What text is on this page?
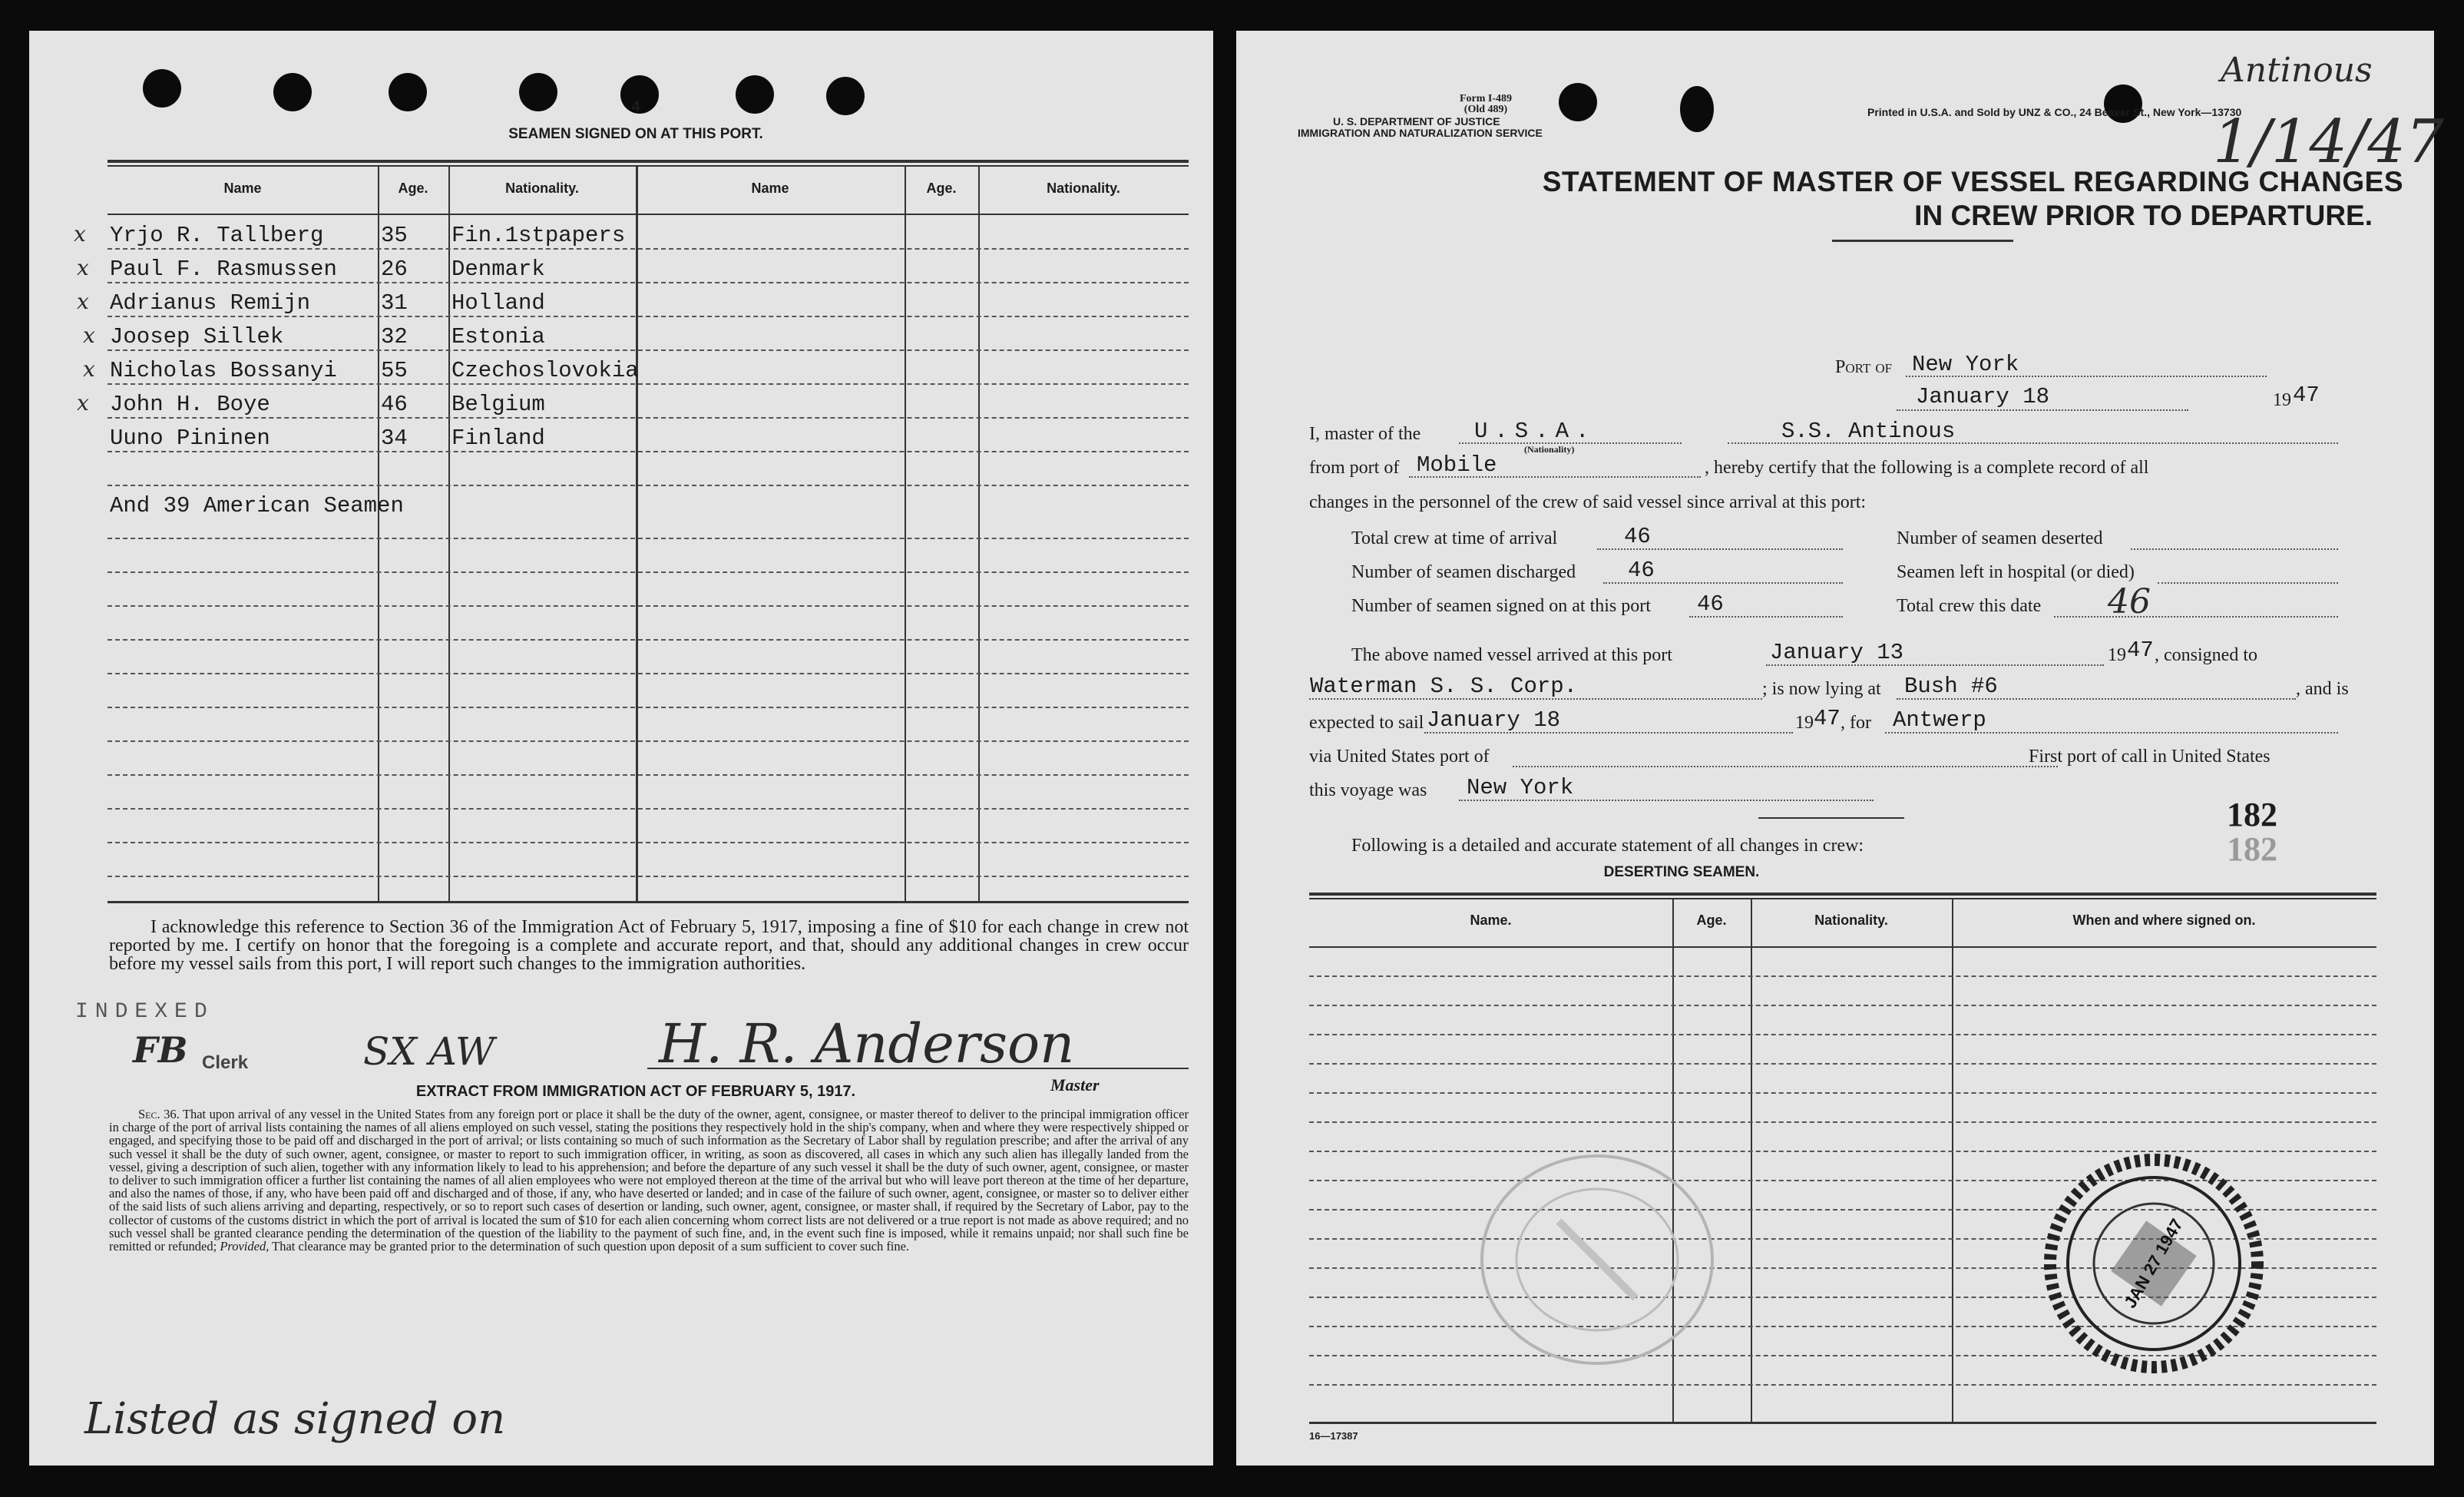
4
SEAMEN SIGNED ON AT THIS PORT.
Name	Age.	Nationality.	Name	Age.	Nationality.
x Yrjo R. Tallberg	35 Fin.1stpapers
x Paul F. Rasmussen 26 Denmark
x Adrianus Remijn	31 Holland
x Joosep Sillek	32 Estonia
x Nicholas Bossanyi 55 Czechoslovokia
x John H. Boye	46 Belgium
Uuno Pininen	34 Finland
And 39 American Seamen
I acknowledge this reference to Section 36 of the Immigration Act of February 5, 1917, imposing a fine of $10 for each change in crew not reported by me. I certify on honor that the foregoing is a complete and accurate report, and that, should any additional changes in crew occur before my vessel sails from this port, I will report such changes to the immigration authorities.
INDEXED
FB Clerk	SX AW	H. R. Anderson
Master
EXTRACT FROM IMMIGRATION ACT OF FEBRUARY 5, 1917.
Sec. 36. That upon arrival of any vessel in the United States from any foreign port or place it shall be the duty of the owner, agent, consignee, or master thereof to deliver to the principal immigration officer in charge of the port of arrival lists containing the names of all aliens employed on such vessel, stating the positions they respectively hold in the ship's company, when and where they were respectively shipped or engaged, and specifying those to be paid off and discharged in the port of arrival; or lists containing so much of such information as the Secretary of Labor shall by regulation prescribe; and after the arrival of any such vessel it shall be the duty of such owner, agent, consignee, or master to report to such immigration officer, in writing, as soon as discovered, all cases in which any such alien has illegally landed from the vessel, giving a description of such alien, together with any information likely to lead to his apprehension; and before the departure of any such vessel it shall be the duty of such owner, agent, consignee, or master to deliver to such immigration officer a further list containing the names of all alien employees who were not employed thereon at the time of the arrival but who will leave port thereon at the time of her departure, and also the names of those, if any, who have been paid off and discharged and of those, if any, who have deserted or landed; and in case of the failure of such owner, agent, consignee, or master so to deliver either of the said lists of such aliens arriving and departing, respectively, or so to report such cases of desertion or landing, such owner, agent, consignee, or master shall, if required by the Secretary of Labor, pay to the collector of customs of the customs district in which the port of arrival is located the sum of $10 for each alien concerning whom correct lists are not delivered or a true report is not made as above required; and no such vessel shall be granted clearance pending the determination of the question of the liability to the payment of such fine, and, in the event such fine is imposed, while it remains unpaid; nor shall such fine be remitted or refunded; Provided, That clearance may be granted prior to the determination of such question upon deposit of a sum sufficient to cover such fine.
Listed as signed on
Form I-489
(Old 489)
U. S. DEPARTMENT OF JUSTICE
IMMIGRATION AND NATURALIZATION SERVICE
Printed in U.S.A. and Sold by UNZ & CO., 24 Beaver St., New York—13730
Antinous
1/14/47
STATEMENT OF MASTER OF VESSEL REGARDING CHANGES
IN CREW PRIOR TO DEPARTURE.
Port of New York
January 18	19 47
I, master of the U.S.A.
(Nationality)
S.S. Antinous
from port of Mobile	, hereby certify that the following is a complete record of all
changes in the personnel of the crew of said vessel since arrival at this port:
Total crew at time of arrival	46
Number of seamen discharged 46
Number of seamen signed on at this port 46
Number of seamen deserted
Seamen left in hospital (or died)
Total crew this date 46
The above named vessel arrived at this port	January 13	19 47 , consigned to
Waterman S. S. Corp.	; is now lying at Bush #6	, and is
expected to sail January 18	19 47 , for Antwerp
via United States port of	First port of call in United States
this voyage was New York
182
182
Following is a detailed and accurate statement of all changes in crew:
DESERTING SEAMEN.
Name.	Age.	Nationality.	When and where signed on.
JAN 27 1947
16—17387
